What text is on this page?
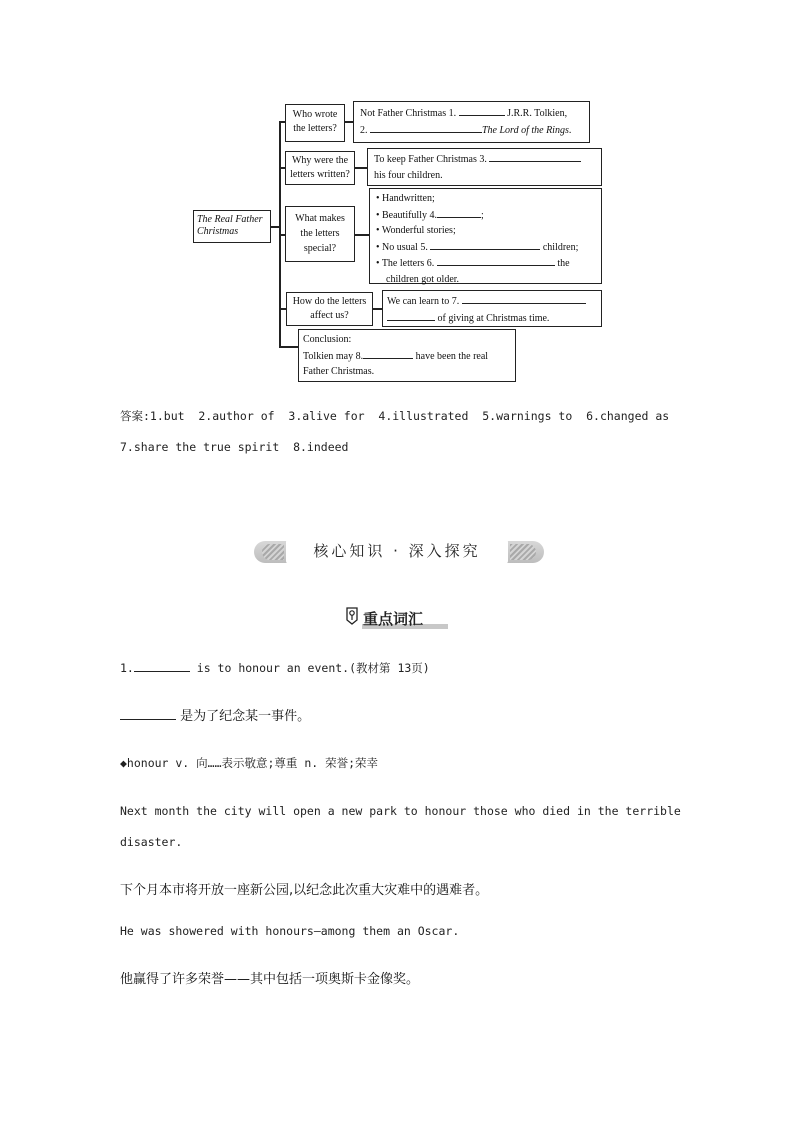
The Real Father Christmas
Who wrote the letters?
Not Father Christmas 1.	J.R.R. Tolkien,
2.	The Lord of the Rings.
Why were the letters written?
To keep Father Christmas 3.
his four children.
What makes the letters special?
• Handwritten;
• Beautifully 4.	;
• Wonderful stories;
• No usual 5.	children;
• The letters 6.	the
children got older.
How do the letters affect us?
We can learn to 7.
of giving at Christmas time.
Conclusion:
Tolkien may 8.	have been the real
Father Christmas.
答案:1.but  2.author of  3.alive for  4.illustrated  5.warnings to  6.changed as
7.share the true spirit  8.indeed
核心知识 · 深入探究
重点词汇
1.	is to honour an event.(教材第 13页)
是为了纪念某一事件。
◆honour v. 向……表示敬意;尊重 n. 荣誉;荣幸
Next month the city will open a new park to honour those who died in the terrible
disaster.
下个月本市将开放一座新公园,以纪念此次重大灾难中的遇难者。
He was showered with honours—among them an Oscar.
他赢得了许多荣誉——其中包括一项奥斯卡金像奖。
